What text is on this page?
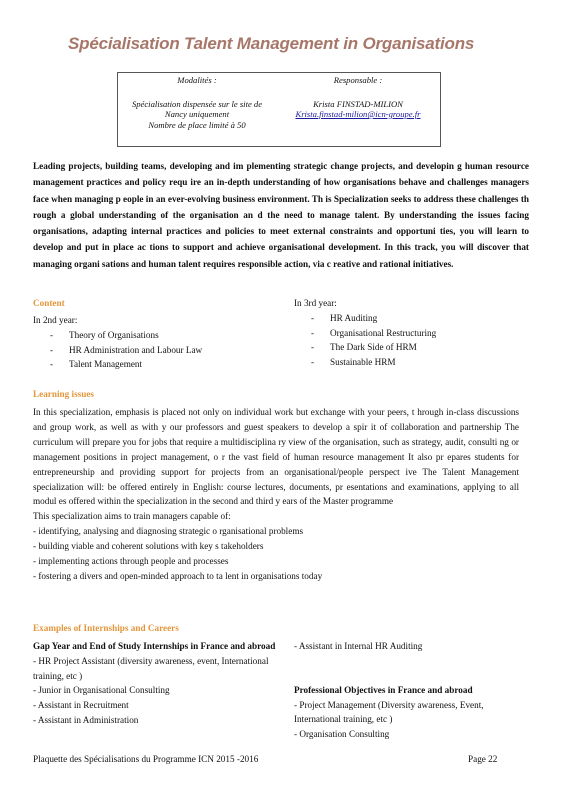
Spécialisation Talent Management in Organisations
Modalités :
Spécialisation dispensée sur le site de Nancy uniquement
Nombre de place limité à 50
Responsable :
Krista FINSTAD-MILION
Krista.finstad-milion@icn-groupe.fr
Leading projects, building teams, developing and im plementing strategic change projects, and developin g human resource management practices and policy requ ire an in-depth understanding of how organisations behave and challenges managers face when managing p eople in an ever-evolving business environment. Th is Specialization seeks to address these challenges th rough a global understanding of the organisation an d the need to manage talent. By understanding the issues facing organisations, adapting internal practices and policies to meet external constraints and opportuni ties, you will learn to develop and put in place ac tions to support and achieve organisational development. In this track, you will discover that managing organi sations and human talent requires responsible action, via c reative and rational initiatives.
Content
In 2nd year:
- Theory of Organisations
- HR Administration and Labour Law
- Talent Management
In 3rd year:
- HR Auditing
- Organisational Restructuring
- The Dark Side of HRM
- Sustainable HRM
Learning issues

In this specialization, emphasis is placed not only on individual work but exchange with your peers, t hrough in-class discussions and group work, as well as with y our professors and guest speakers to develop a spir it of collaboration and partnership The curriculum will prepare you for jobs that require a multidisciplina ry view of the organisation, such as strategy, audit, consulti ng or management positions in project management, o r the vast field of human resource management It also pr epares students for entrepreneurship and providing support for projects from an organisational/people perspect ive The Talent Management specialization will: be offered entirely in English: course lectures, documents, pr esentations and examinations, applying to all modul es offered within the specialization in the second and third y ears of the Master programme

This specialization aims to train managers capable of:

- identifying, analysing and diagnosing strategic o rganisational problems

- building viable and coherent solutions with key s takeholders

- implementing actions through people and processes

- fostering a divers and open-minded approach to ta lent in organisations today

Examples of Internships and Careers
Gap Year and End of Study Internships in France and abroad
- HR Project Assistant (diversity awareness, event, International training, etc )
- Junior in Organisational Consulting
- Assistant in Recruitment
- Assistant in Administration
- Assistant in Internal HR Auditing
Professional Objectives in France and abroad
- Project Management (Diversity awareness, Event, International training, etc )
- Organisation Consulting
Plaquette des Spécialisations du Programme ICN 2015 -2016	Page 22
